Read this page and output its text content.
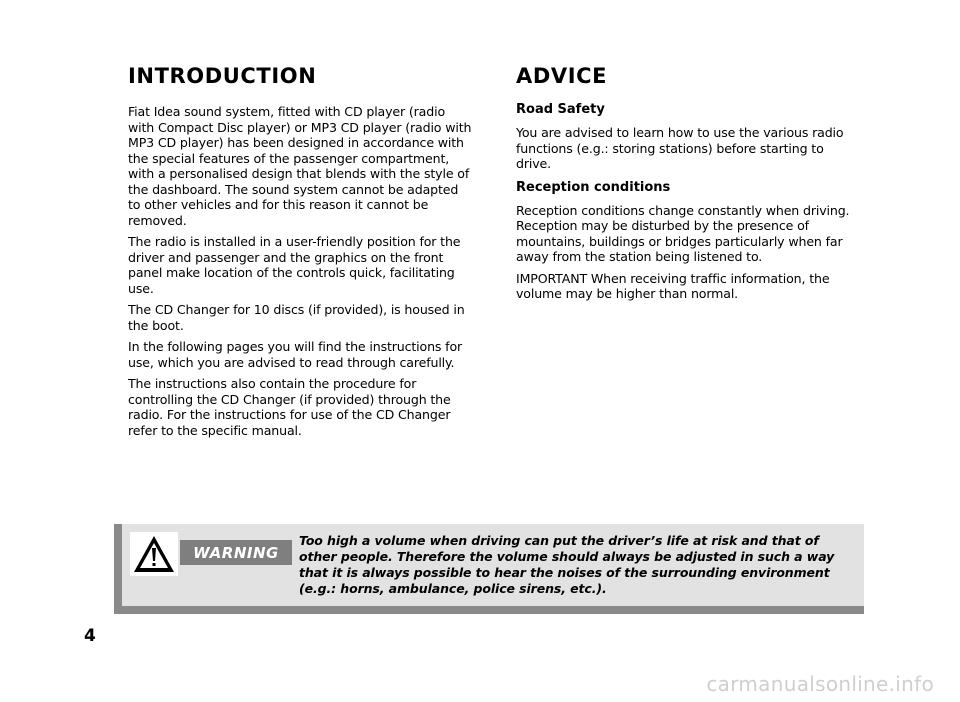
INTRODUCTION

Fiat Idea sound system, fitted with CD player (radio with Compact Disc player) or MP3 CD player (radio with MP3 CD player) has been designed in accordance with the special features of the passenger compartment, with a personalised design that blends with the style of the dashboard. The sound system cannot be adapted to other vehicles and for this reason it cannot be removed.

The radio is installed in a user-friendly position for the driver and passenger and the graphics on the front panel make location of the controls quick, facilitating use.

The CD Changer for 10 discs (if provided), is housed in the boot.

In the following pages you will find the instructions for use, which you are advised to read through carefully.

The instructions also contain the procedure for controlling the CD Changer (if provided) through the radio. For the instructions for use of the CD Changer refer to the specific manual.

ADVICE
Road Safety

You are advised to learn how to use the various radio functions (e.g.: storing stations) before starting to drive.

Reception conditions

Reception conditions change constantly when driving. Reception may be disturbed by the presence of mountains, buildings or bridges particularly when far away from the station being listened to.

IMPORTANT When receiving traffic information, the volume may be higher than normal.

WARNING

Too high a volume when driving can put the driver’s life at risk and that of other people. Therefore the volume should always be adjusted in such a way that it is always possible to hear the noises of the surrounding environment (e.g.: horns, ambulance, police sirens, etc.).

4
carmanualsonline.info
